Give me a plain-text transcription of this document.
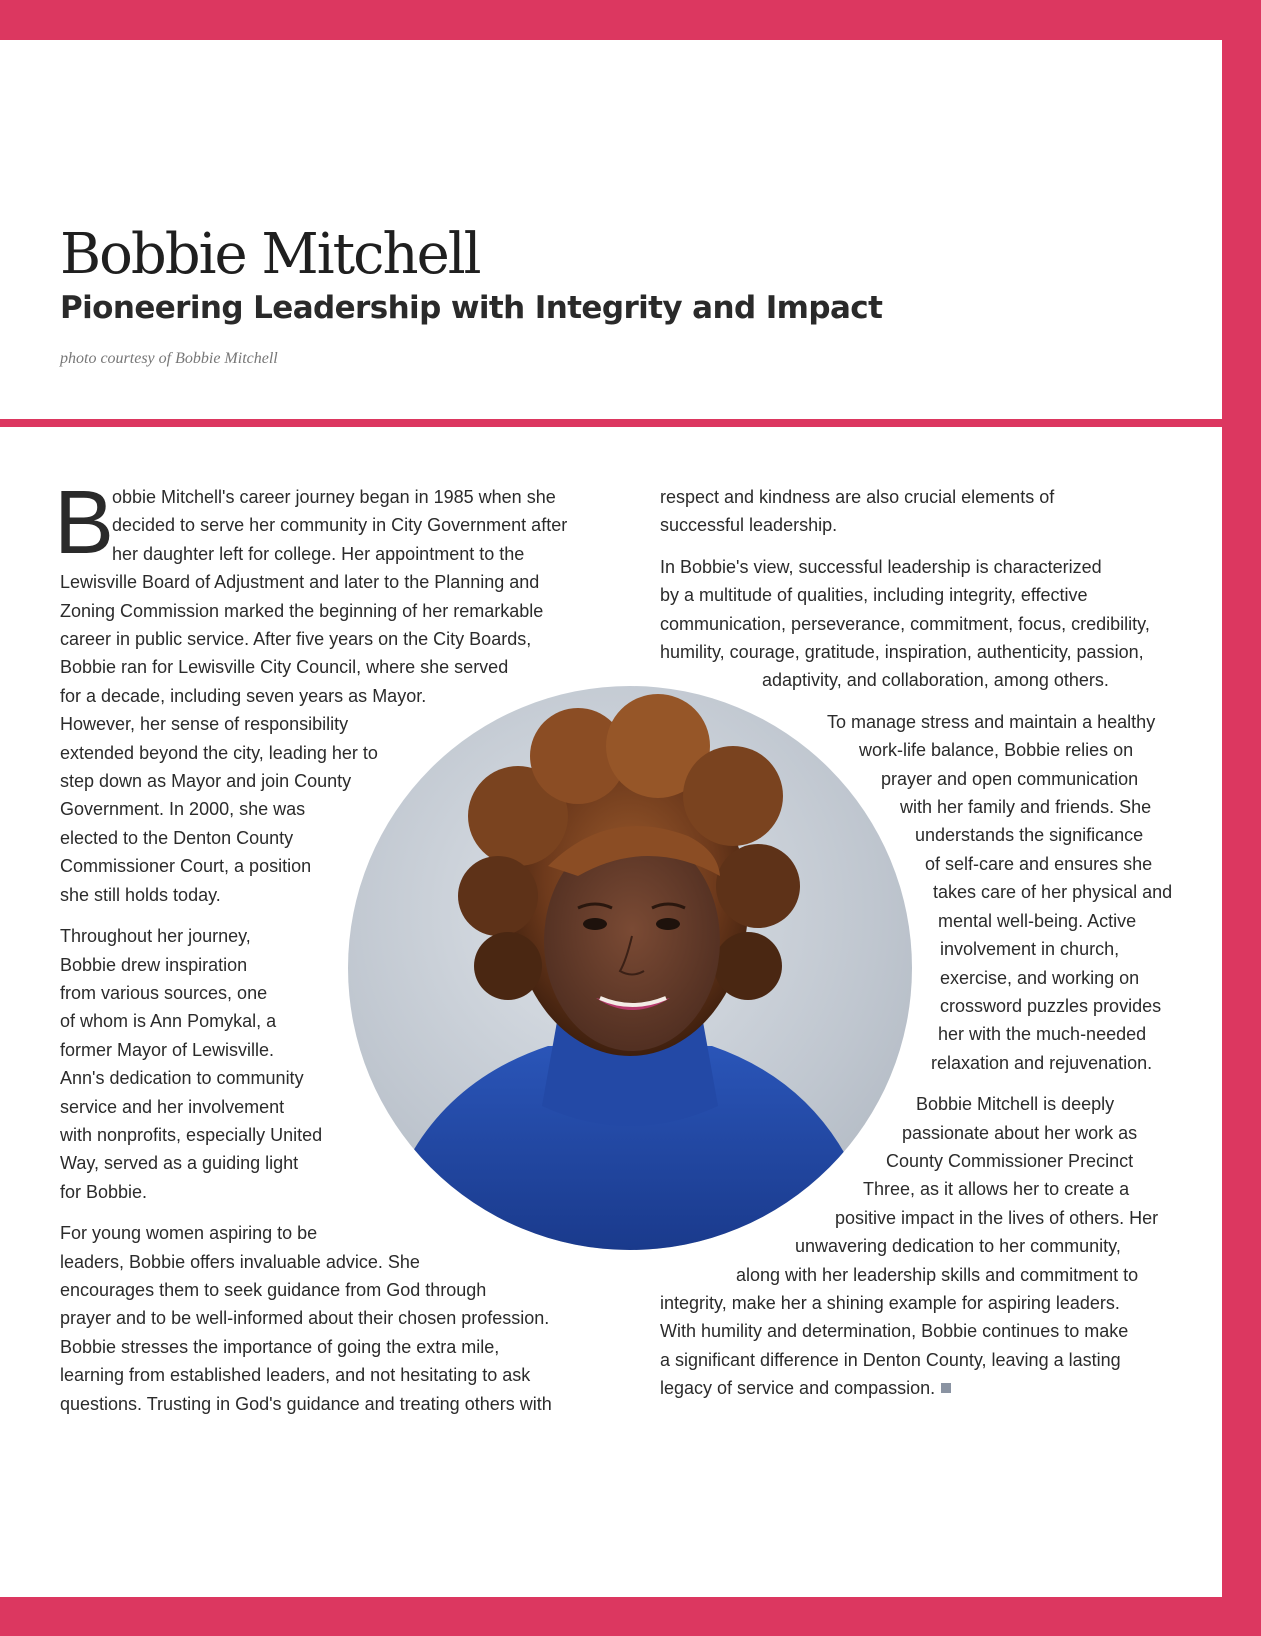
Bobbie Mitchell
Pioneering Leadership with Integrity and Impact
photo courtesy of Bobbie Mitchell
B
obbie Mitchell's career journey began in 1985 when she
decided to serve her community in City Government after
her daughter left for college. Her appointment to the
Lewisville Board of Adjustment and later to the Planning and
Zoning Commission marked the beginning of her remarkable
career in public service. After five years on the City Boards,
Bobbie ran for Lewisville City Council, where she served
for a decade, including seven years as Mayor.
However, her sense of responsibility
extended beyond the city, leading her to
step down as Mayor and join County
Government. In 2000, she was
elected to the Denton County
Commissioner Court, a position
she still holds today.
Throughout her journey,
Bobbie drew inspiration
from various sources, one
of whom is Ann Pomykal, a
former Mayor of Lewisville.
Ann's dedication to community
service and her involvement
with nonprofits, especially United
Way, served as a guiding light
for Bobbie.
For young women aspiring to be
leaders, Bobbie offers invaluable advice. She
encourages them to seek guidance from God through
prayer and to be well-informed about their chosen profession.
Bobbie stresses the importance of going the extra mile,
learning from established leaders, and not hesitating to ask
questions. Trusting in God's guidance and treating others with
respect and kindness are also crucial elements of
successful leadership.
In Bobbie's view, successful leadership is characterized
by a multitude of qualities, including integrity, effective
communication, perseverance, commitment, focus, credibility,
humility, courage, gratitude, inspiration, authenticity, passion,
adaptivity, and collaboration, among others.
To manage stress and maintain a healthy
work-life balance, Bobbie relies on
prayer and open communication
with her family and friends. She
understands the significance
of self-care and ensures she
takes care of her physical and
mental well-being. Active
involvement in church,
exercise, and working on
crossword puzzles provides
her with the much-needed
relaxation and rejuvenation.
Bobbie Mitchell is deeply
passionate about her work as
County Commissioner Precinct
Three, as it allows her to create a
positive impact in the lives of others. Her
unwavering dedication to her community,
along with her leadership skills and commitment to
integrity, make her a shining example for aspiring leaders.
With humility and determination, Bobbie continues to make
a significant difference in Denton County, leaving a lasting
legacy of service and compassion.
